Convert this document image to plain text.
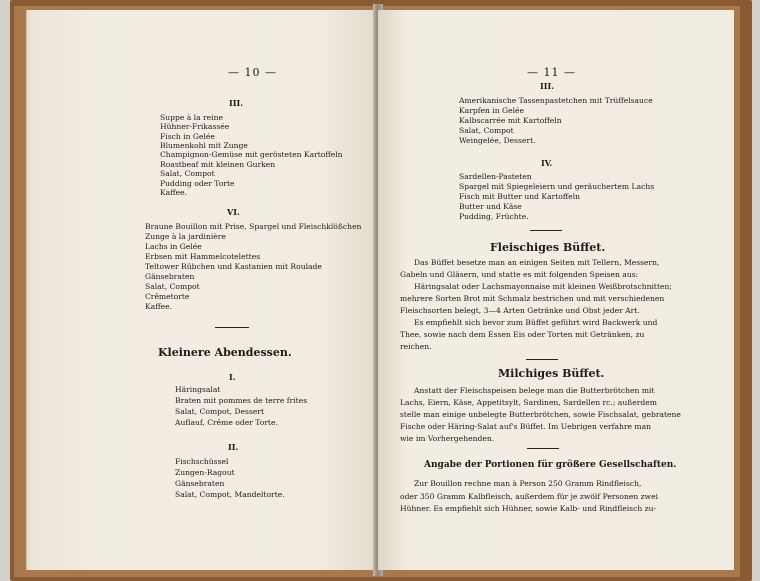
— 10 —
III.
Suppe à la reine
Hühner-Frikassée
Fisch in Gelée
Blumenkohl mit Zunge
Champignon-Gemüse mit gerösteten Kartoffeln
Roastbeaf mit kleinen Gurken
Salat, Compot
Pudding oder Torte
Kaffee.
VI.
Braune Bouillon mit Prise, Spargel und Fleischklößchen
Zunge à la jardinière
Lachs in Gelée
Erbsen mit Hammelcotelettes
Teltower Rübchen und Kastanien mit Roulade
Gänsebraten
Salat, Compot
Crêmetorte
Kaffee.
Kleinere Abendessen.
I.
Häringsalat
Braten mit pommes de terre frites
Salat, Compot, Dessert
Auflauf, Crême oder Torte.
II.
Fischschüssel
Zungen-Ragout
Gänsebraten
Salat, Compot, Mandeltorte.
— 11 —
III.
Amerikanische Tassenpastetchen mit Trüffelsauce
Karpfen in Gelée
Kalbscarrée mit Kartoffeln
Salat, Compot
Weingelée, Dessert.
IV.
Sardellen-Pasteten
Spargel mit Spiegeleiern und geräuchertem Lachs
Fisch mit Butter und Kartoffeln
Butter und Käse
Pudding, Früchte.
Fleischiges Büffet.
Das Büffet besetze man an einigen Seiten mit Tellern, Messern,
Gabeln und Gläsern, und statte es mit folgenden Speisen aus:
Häringsalat oder Lachsmayonnaise mit kleinen Weißbrotschnitten;
mehrere Sorten Brot mit Schmalz bestrichen und mit verschiedenen
Fleischsorten belegt, 3—4 Arten Getränke und Obst jeder Art.
Es empfiehlt sich bevor zum Büffet geführt wird Backwerk und
Thee, sowie nach dem Essen Eis oder Torten mit Getränken, zu
reichen.
Milchiges Büffet.
Anstatt der Fleischspeisen belege man die Butterbrötchen mit
Lachs, Eiern, Käse, Appetitsylt, Sardinen, Sardellen rc.; außerdem
stelle man einige unbelegte Butterbrötchen, sowie Fischsalat, gebratene
Fische oder Häring-Salat auf's Büffet. Im Uebrigen verfahre man
wie im Vorhergehenden.
Angabe der Portionen für größere Gesellschaften.
Zur Bouillon rechne man à Person 250 Gramm Rindfleisch,
oder 350 Gramm Kalbfleisch, außerdem für je zwölf Personen zwei
Hühner. Es empfiehlt sich Hühner, sowie Kalb- und Rindfleisch zu-
